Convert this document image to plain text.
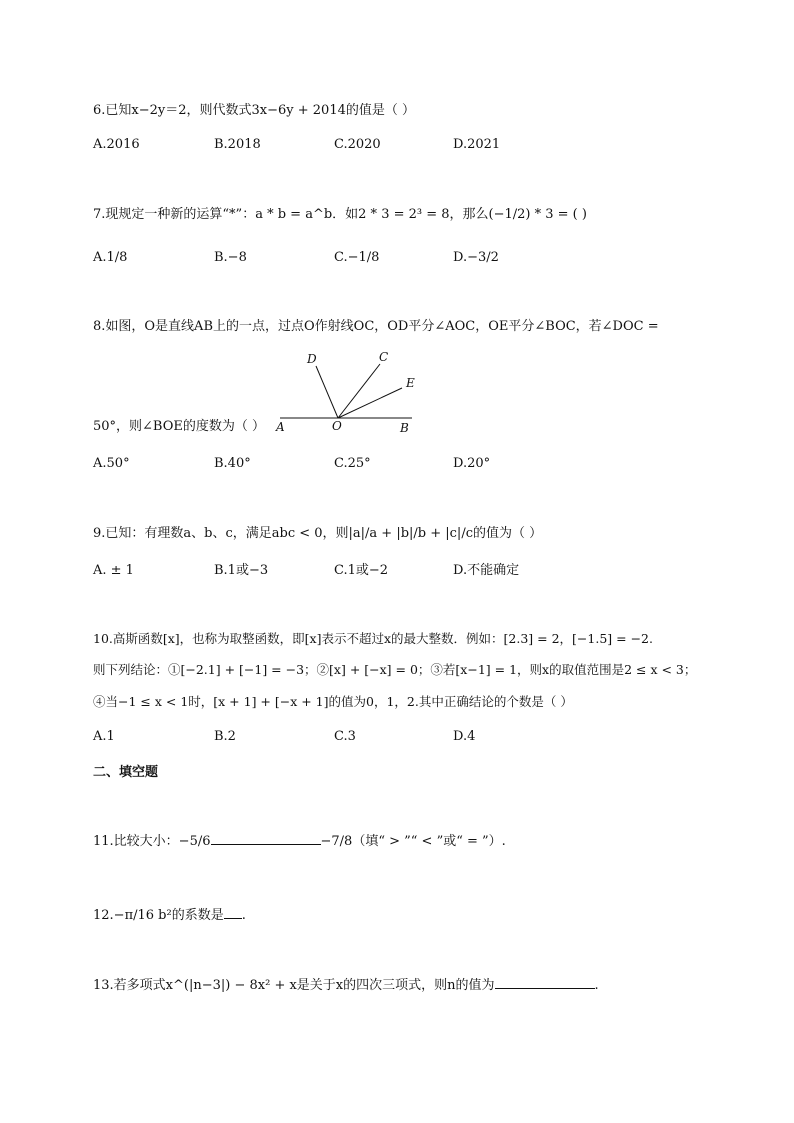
6.已知x−2y＝2，则代数式3x−6y + 2014的值是（ ）
A.2016	B.2018	C.2020	D.2021
7.现规定一种新的运算“*”：a * b = a^b．如2 * 3 = 2³ = 8，那么(−1/2) * 3 = ( )
A.1/8	B.−8	C.−1/8	D.−3/2
8.如图，O是直线AB上的一点，过点O作射线OC，OD平分∠AOC，OE平分∠BOC，若∠DOC =
D	C
E
A	O	B
50°，则∠BOE的度数为（ ）
A.50°	B.40°	C.25°	D.20°
9.已知：有理数a、b、c，满足abc < 0，则|a|/a + |b|/b + |c|/c的值为（ ）
A. ± 1	B.1或−3	C.1或−2	D.不能确定
10.高斯函数[x]，也称为取整函数，即[x]表示不超过x的最大整数．例如：[2.3] = 2，[−1.5] = −2.
则下列结论：①[−2.1] + [−1] = −3；②[x] + [−x] = 0；③若[x−1] = 1，则x的取值范围是2 ≤ x < 3；
④当−1 ≤ x < 1时，[x + 1] + [−x + 1]的值为0，1，2.其中正确结论的个数是（ ）
A.1	B.2	C.3	D.4
二、填空题
11.比较大小：−5/6	−7/8（填“ > ”“ < ”或“ = ”）.
12.−π/16 b²的系数是 .
13.若多项式x^(|n−3|) − 8x² + x是关于x的四次三项式，则n的值为	.
